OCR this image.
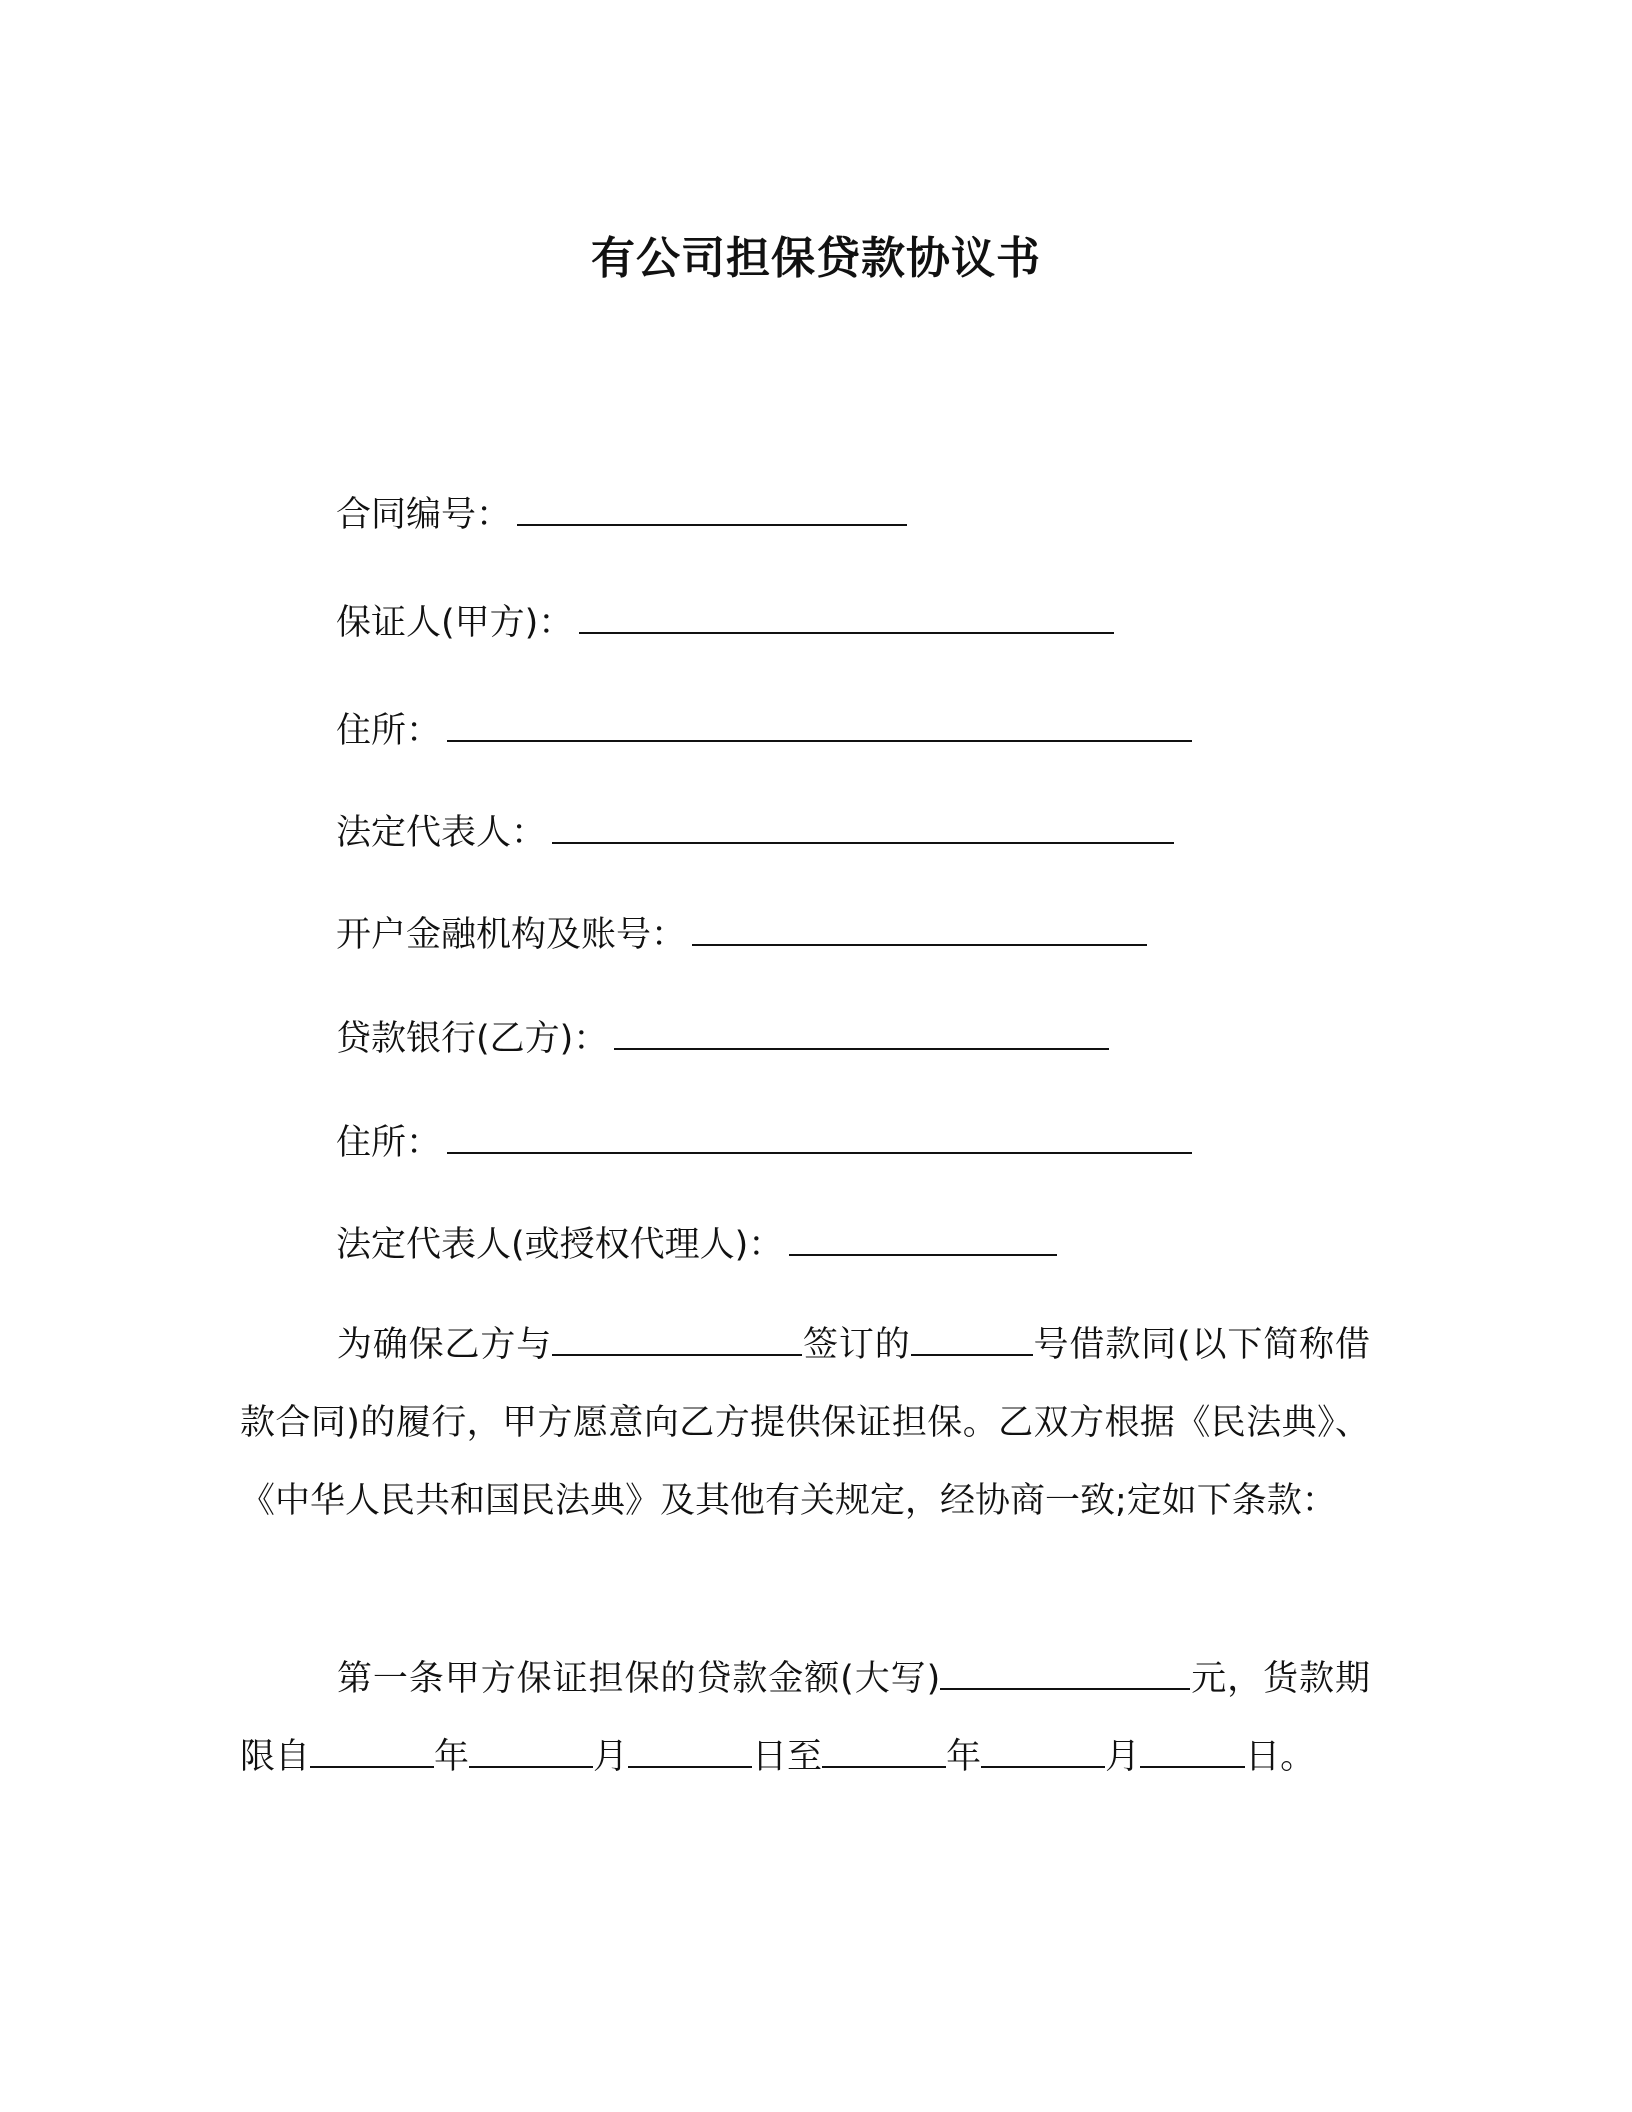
有公司担保贷款协议书
合同编号：
保证人(甲方)：
住所：
法定代表人：
开户金融机构及账号：
贷款银行(乙方)：
住所：
法定代表人(或授权代理人)：

为确保乙方与	签订的	号借款同(以下简称借款合同)的履行，甲方愿意向乙方提供保证担保。乙双方根据《民法典》、《中华人民共和国民法典》及其他有关规定，经协商一致;定如下条款：

第一条甲方保证担保的贷款金额(大写)	元，货款期限自	年	月	日至	年	月	日。
